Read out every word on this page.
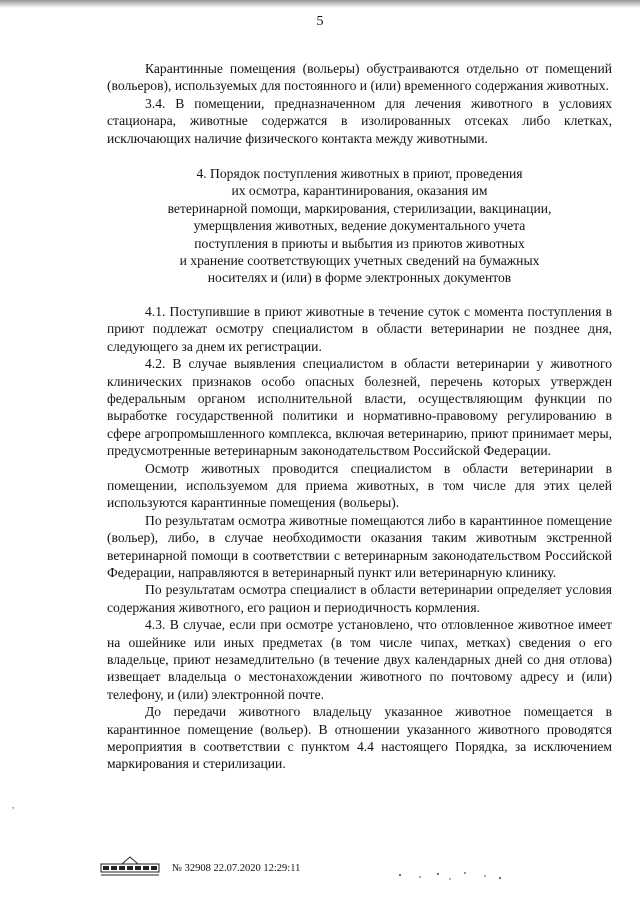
5

Карантинные помещения (вольеры) обустраиваются отдельно от помещений (вольеров), используемых для постоянного и (или) временного содержания животных.

3.4. В помещении, предназначенном для лечения животного в условиях стационара, животные содержатся в изолированных отсеках либо клетках, исключающих наличие физического контакта между животными.

4. Порядок поступления животных в приют, проведения
их осмотра, карантинирования, оказания им
ветеринарной помощи, маркирования, стерилизации, вакцинации,
умерщвления животных, ведение документального учета
поступления в приюты и выбытия из приютов животных
и хранение соответствующих учетных сведений на бумажных
носителях и (или) в форме электронных документов

4.1. Поступившие в приют животные в течение суток с момента поступления в приют подлежат осмотру специалистом в области ветеринарии не позднее дня, следующего за днем их регистрации.

4.2. В случае выявления специалистом в области ветеринарии у животного клинических признаков особо опасных болезней, перечень которых утвержден федеральным органом исполнительной власти, осуществляющим функции по выработке государственной политики и нормативно-правовому регулированию в сфере агропромышленного комплекса, включая ветеринарию, приют принимает меры, предусмотренные ветеринарным законодательством Российской Федерации.

Осмотр животных проводится специалистом в области ветеринарии в помещении, используемом для приема животных, в том числе для этих целей используются карантинные помещения (вольеры).

По результатам осмотра животные помещаются либо в карантинное помещение (вольер), либо, в случае необходимости оказания таким животным экстренной ветеринарной помощи в соответствии с ветеринарным законодательством Российской Федерации, направляются в ветеринарный пункт или ветеринарную клинику.

По результатам осмотра специалист в области ветеринарии определяет условия содержания животного, его рацион и периодичность кормления.

4.3. В случае, если при осмотре установлено, что отловленное животное имеет на ошейнике или иных предметах (в том числе чипах, метках) сведения о его владельце, приют незамедлительно (в течение двух календарных дней со дня отлова) извещает владельца о местонахождении животного по почтовому адресу и (или) телефону, и (или) электронной почте.

До передачи животного владельцу указанное животное помещается в карантинное помещение (вольер). В отношении указанного животного проводятся мероприятия в соответствии с пунктом 4.4 настоящего Порядка, за исключением маркирования и стерилизации.

,
№ 32908 22.07.2020 12:29:11
